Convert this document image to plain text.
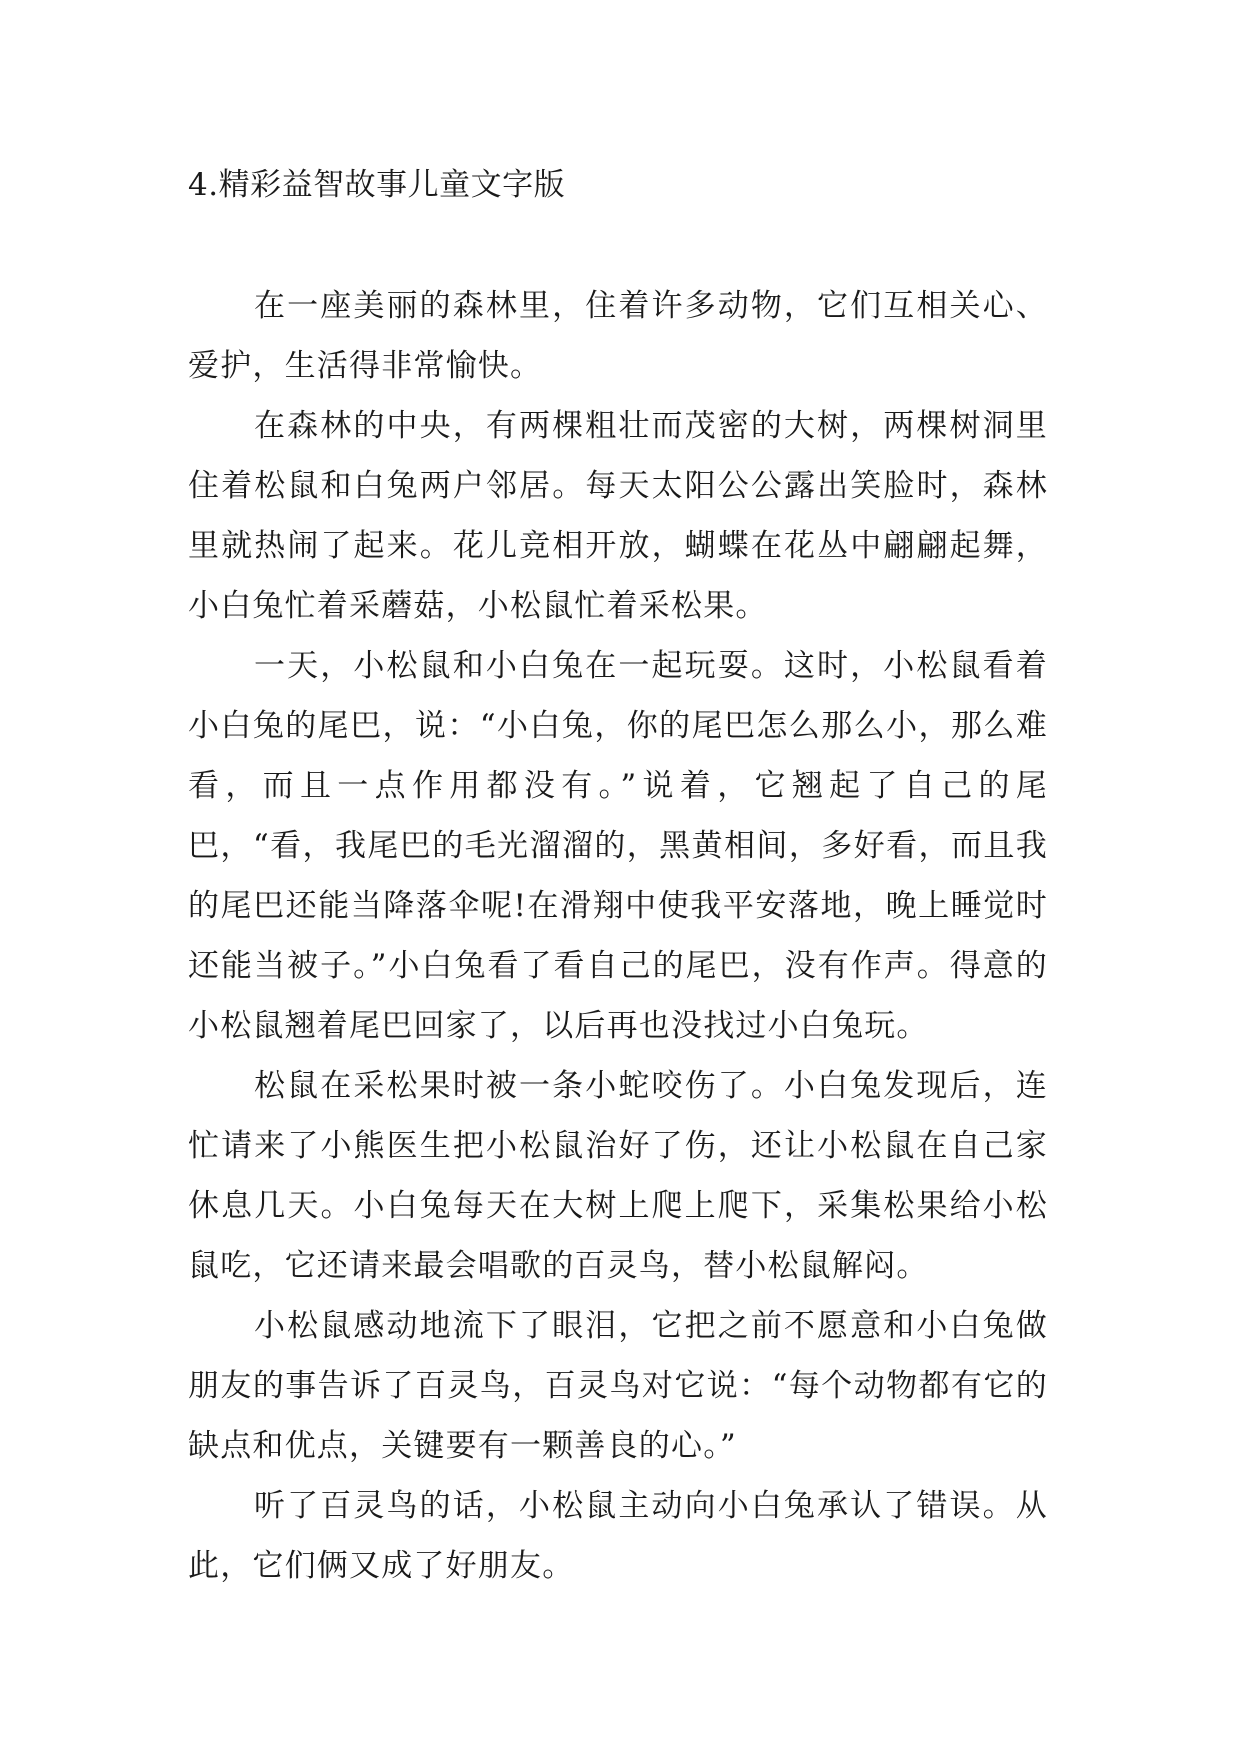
4.精彩益智故事儿童文字版

在一座美丽的森林里，住着许多动物，它们互相关心、爱护，生活得非常愉快。

在森林的中央，有两棵粗壮而茂密的大树，两棵树洞里住着松鼠和白兔两户邻居。每天太阳公公露出笑脸时，森林里就热闹了起来。花儿竞相开放，蝴蝶在花丛中翩翩起舞，小白兔忙着采蘑菇，小松鼠忙着采松果。

一天，小松鼠和小白兔在一起玩耍。这时，小松鼠看着小白兔的尾巴，说：“小白兔，你的尾巴怎么那么小，那么难看，而且一点作用都没有。”说着，它翘起了自己的尾巴，“看，我尾巴的毛光溜溜的，黑黄相间，多好看，而且我的尾巴还能当降落伞呢!在滑翔中使我平安落地，晚上睡觉时还能当被子。”小白兔看了看自己的尾巴，没有作声。得意的小松鼠翘着尾巴回家了，以后再也没找过小白兔玩。

松鼠在采松果时被一条小蛇咬伤了。小白兔发现后，连忙请来了小熊医生把小松鼠治好了伤，还让小松鼠在自己家休息几天。小白兔每天在大树上爬上爬下，采集松果给小松鼠吃，它还请来最会唱歌的百灵鸟，替小松鼠解闷。

小松鼠感动地流下了眼泪，它把之前不愿意和小白兔做朋友的事告诉了百灵鸟，百灵鸟对它说：“每个动物都有它的缺点和优点，关键要有一颗善良的心。”

听了百灵鸟的话，小松鼠主动向小白兔承认了错误。从此，它们俩又成了好朋友。
